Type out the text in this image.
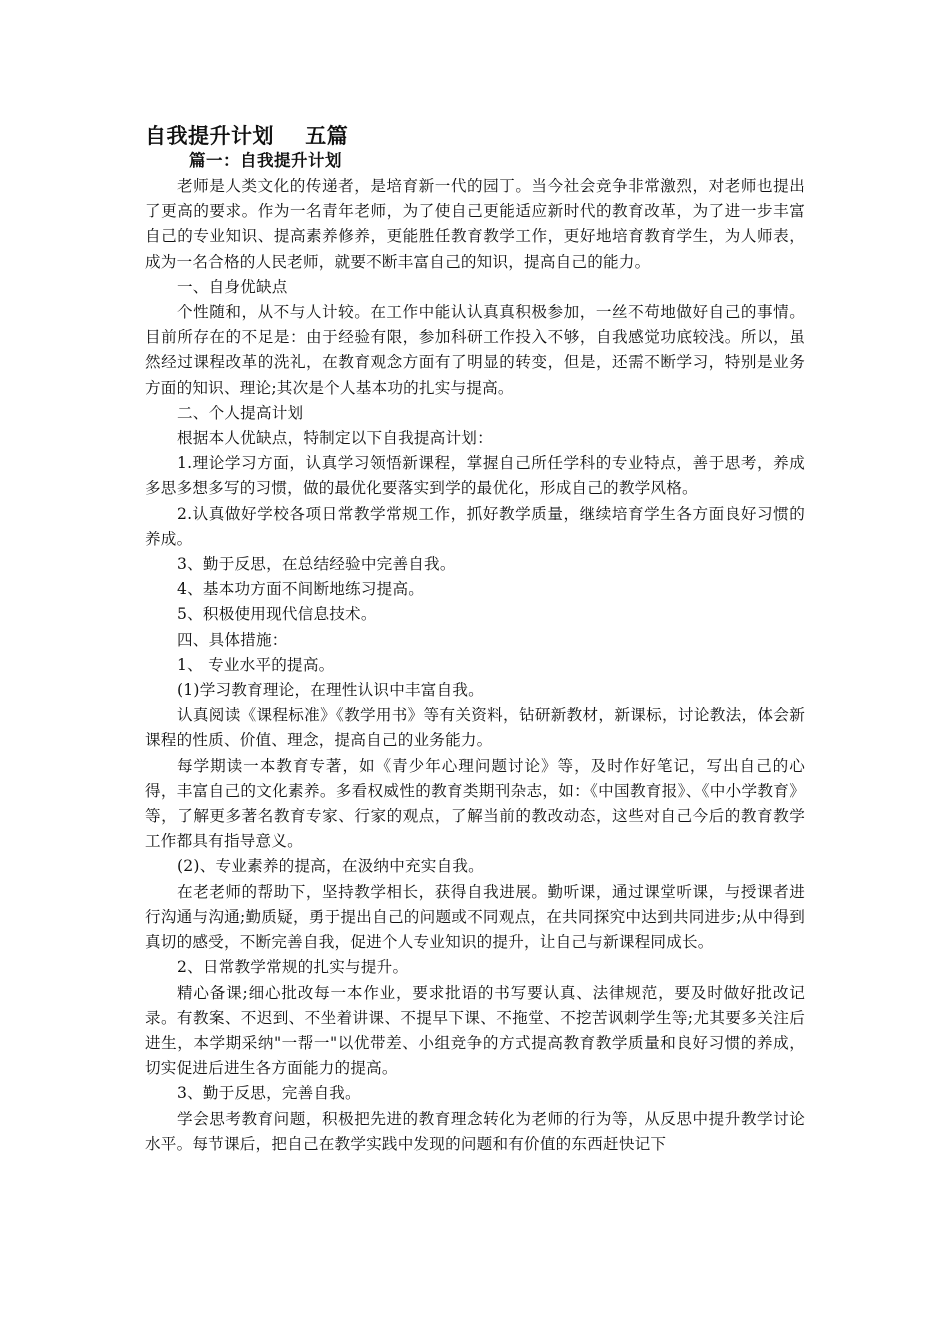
自我提升计划    五篇
篇一：自我提升计划

老师是人类文化的传递者，是培育新一代的园丁。当今社会竞争非常激烈，对老师也提出了更高的要求。作为一名青年老师，为了使自己更能适应新时代的教育改革，为了进一步丰富自己的专业知识、提高素养修养，更能胜任教育教学工作，更好地培育教育学生，为人师表，成为一名合格的人民老师，就要不断丰富自己的知识，提高自己的能力。

一、自身优缺点

个性随和，从不与人计较。在工作中能认认真真积极参加，一丝不苟地做好自己的事情。目前所存在的不足是：由于经验有限，参加科研工作投入不够，自我感觉功底较浅。所以，虽然经过课程改革的洗礼，在教育观念方面有了明显的转变，但是，还需不断学习，特别是业务方面的知识、理论;其次是个人基本功的扎实与提高。

二、个人提高计划

根据本人优缺点，特制定以下自我提高计划：

1.理论学习方面，认真学习领悟新课程，掌握自己所任学科的专业特点，善于思考，养成多思多想多写的习惯，做的最优化要落实到学的最优化，形成自己的教学风格。

2.认真做好学校各项日常教学常规工作，抓好教学质量，继续培育学生各方面良好习惯的养成。

3、勤于反思，在总结经验中完善自我。

4、基本功方面不间断地练习提高。

5、积极使用现代信息技术。

四、具体措施：

1、 专业水平的提高。

(1)学习教育理论，在理性认识中丰富自我。

认真阅读《课程标准》《教学用书》等有关资料，钻研新教材，新课标，讨论教法，体会新课程的性质、价值、理念，提高自己的业务能力。

每学期读一本教育专著，如《青少年心理问题讨论》等，及时作好笔记，写出自己的心得，丰富自己的文化素养。多看权威性的教育类期刊杂志，如：《中国教育报》、《中小学教育》等，了解更多著名教育专家、行家的观点，了解当前的教改动态，这些对自己今后的教育教学工作都具有指导意义。

(2)、专业素养的提高，在汲纳中充实自我。

在老老师的帮助下，坚持教学相长，获得自我进展。勤听课，通过课堂听课，与授课者进行沟通与沟通;勤质疑，勇于提出自己的问题或不同观点，在共同探究中达到共同进步;从中得到真切的感受，不断完善自我，促进个人专业知识的提升，让自己与新课程同成长。

2、日常教学常规的扎实与提升。

精心备课;细心批改每一本作业，要求批语的书写要认真、法律规范，要及时做好批改记录。有教案、不迟到、不坐着讲课、不提早下课、不拖堂、不挖苦讽刺学生等;尤其要多关注后进生，本学期采纳"一帮一"以优带差、小组竞争的方式提高教育教学质量和良好习惯的养成，切实促进后进生各方面能力的提高。

3、勤于反思，完善自我。

学会思考教育问题，积极把先进的教育理念转化为老师的行为等，从反思中提升教学讨论水平。每节课后，把自己在教学实践中发现的问题和有价值的东西赶快记下
